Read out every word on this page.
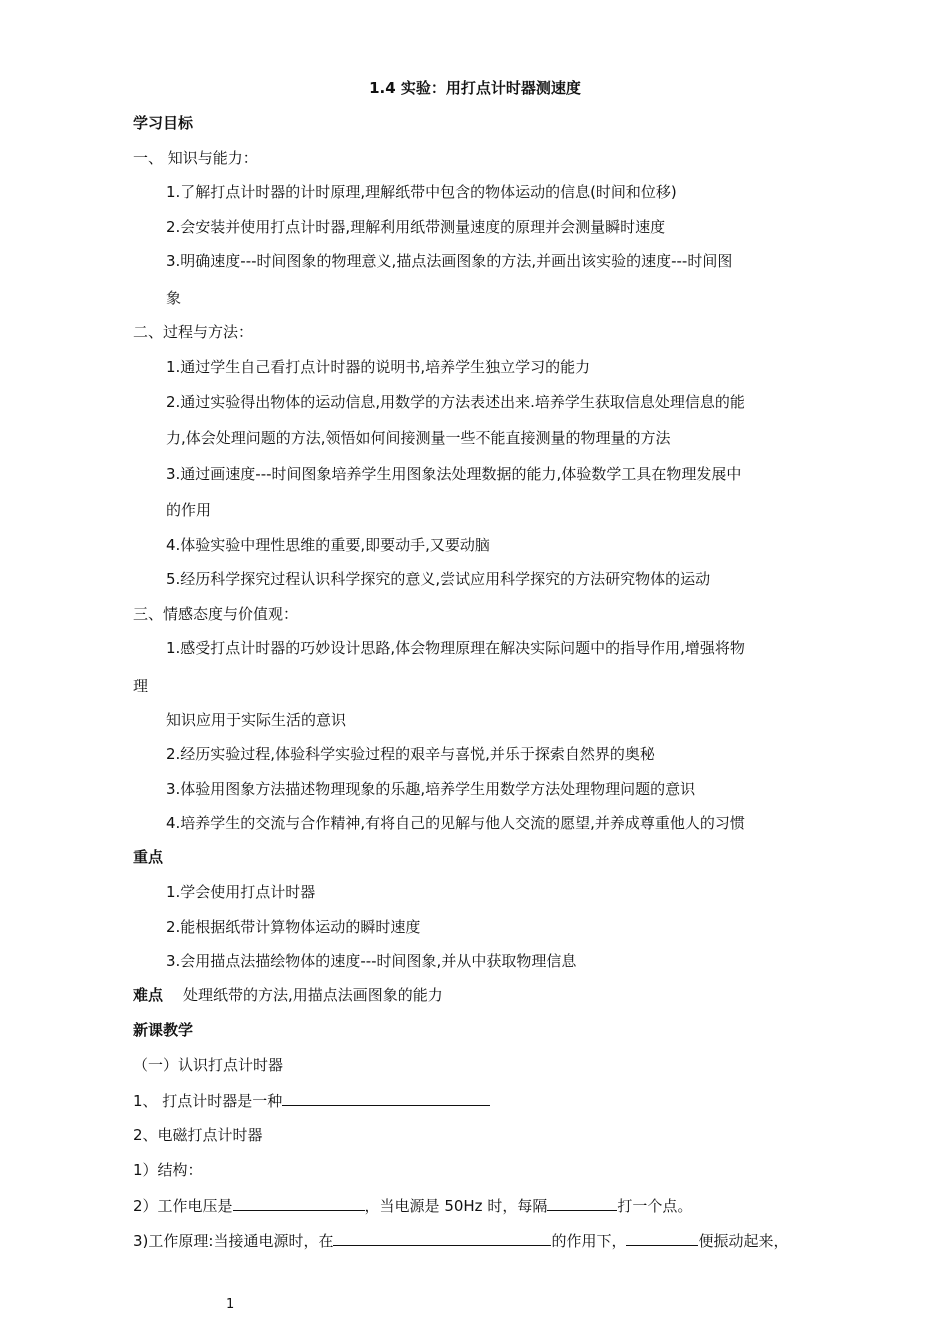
1.4 实验：用打点计时器测速度
学习目标
一、 知识与能力：
1.了解打点计时器的计时原理,理解纸带中包含的物体运动的信息(时间和位移)
2.会安装并使用打点计时器,理解利用纸带测量速度的原理并会测量瞬时速度
3.明确速度---时间图象的物理意义,描点法画图象的方法,并画出该实验的速度---时间图
象
二、过程与方法：
1.通过学生自己看打点计时器的说明书,培养学生独立学习的能力
2.通过实验得出物体的运动信息,用数学的方法表述出来.培养学生获取信息处理信息的能
力,体会处理问题的方法,领悟如何间接测量一些不能直接测量的物理量的方法
3.通过画速度---时间图象培养学生用图象法处理数据的能力,体验数学工具在物理发展中
的作用
4.体验实验中理性思维的重要,即要动手,又要动脑
5.经历科学探究过程认识科学探究的意义,尝试应用科学探究的方法研究物体的运动
三、情感态度与价值观：
1.感受打点计时器的巧妙设计思路,体会物理原理在解决实际问题中的指导作用,增强将物
理
知识应用于实际生活的意识
2.经历实验过程,体验科学实验过程的艰辛与喜悦,并乐于探索自然界的奥秘
3.体验用图象方法描述物理现象的乐趣,培养学生用数学方法处理物理问题的意识
4.培养学生的交流与合作精神,有将自己的见解与他人交流的愿望,并养成尊重他人的习惯
重点
1.学会使用打点计时器
2.能根据纸带计算物体运动的瞬时速度
3.会用描点法描绘物体的速度---时间图象,并从中获取物理信息
难点 处理纸带的方法,用描点法画图象的能力
新课教学
（一）认识打点计时器
1、 打点计时器是一种
2、电磁打点计时器
1）结构：
2）工作电压是	，当电源是 50Hz 时，每隔	打一个点。
3)工作原理:当接通电源时，在	的作用下，	便振动起来，
1
